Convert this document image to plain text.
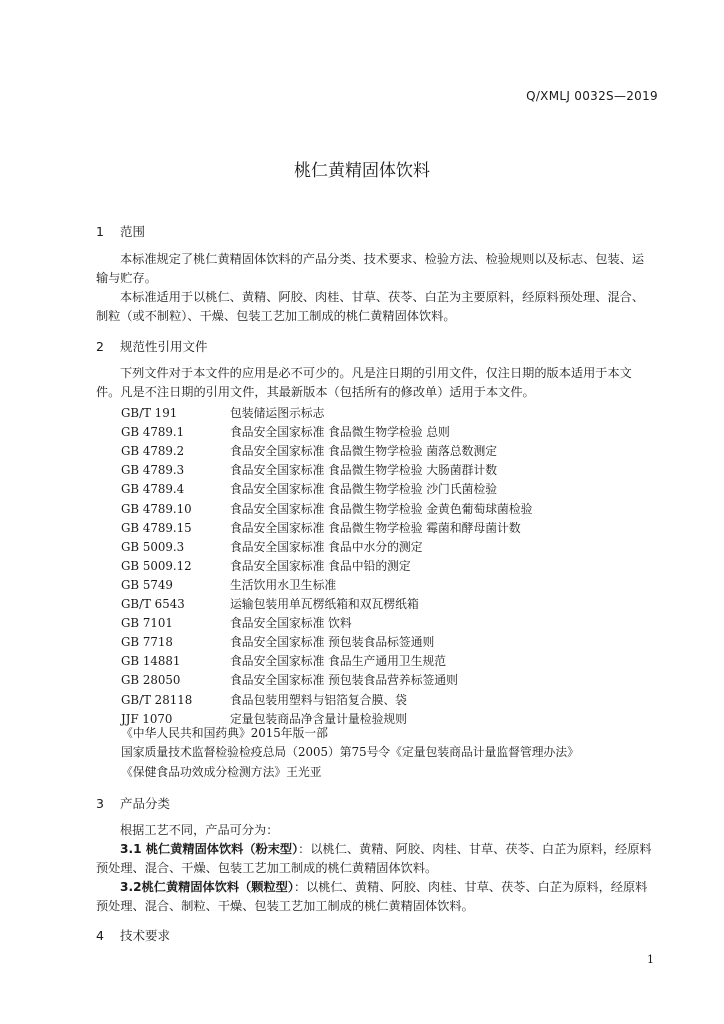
Q/XMLJ 0032S—2019
桃仁黄精固体饮料
1 范围
本标准规定了桃仁黄精固体饮料的产品分类、技术要求、检验方法、检验规则以及标志、包装、运输与贮存。
本标准适用于以桃仁、黄精、阿胶、肉桂、甘草、茯苓、白芷为主要原料，经原料预处理、混合、制粒（或不制粒）、干燥、包装工艺加工制成的桃仁黄精固体饮料。
2 规范性引用文件
下列文件对于本文件的应用是必不可少的。凡是注日期的引用文件，仅注日期的版本适用于本文件。凡是不注日期的引用文件，其最新版本（包括所有的修改单）适用于本文件。
GB/T 191	包装储运图示标志
GB 4789.1	食品安全国家标准 食品微生物学检验 总则
GB 4789.2	食品安全国家标准 食品微生物学检验 菌落总数测定
GB 4789.3	食品安全国家标准 食品微生物学检验 大肠菌群计数
GB 4789.4	食品安全国家标准 食品微生物学检验 沙门氏菌检验
GB 4789.10	食品安全国家标准 食品微生物学检验 金黄色葡萄球菌检验
GB 4789.15	食品安全国家标准 食品微生物学检验 霉菌和酵母菌计数
GB 5009.3	食品安全国家标准 食品中水分的测定
GB 5009.12	食品安全国家标准 食品中铅的测定
GB 5749	生活饮用水卫生标准
GB/T 6543	运输包装用单瓦楞纸箱和双瓦楞纸箱
GB 7101	食品安全国家标准 饮料
GB 7718	食品安全国家标准 预包装食品标签通则
GB 14881	食品安全国家标准 食品生产通用卫生规范
GB 28050	食品安全国家标准 预包装食品营养标签通则
GB/T 28118	食品包装用塑料与铝箔复合膜、袋
JJF 1070	定量包装商品净含量计量检验规则
《中华人民共和国药典》2015年版一部
国家质量技术监督检验检疫总局（2005）第75号令《定量包装商品计量监督管理办法》
《保健食品功效成分检测方法》王光亚
3 产品分类
根据工艺不同，产品可分为：
3.1 桃仁黄精固体饮料（粉末型）：以桃仁、黄精、阿胶、肉桂、甘草、茯苓、白芷为原料，经原料预处理、混合、干燥、包装工艺加工制成的桃仁黄精固体饮料。
3.2桃仁黄精固体饮料（颗粒型）：以桃仁、黄精、阿胶、肉桂、甘草、茯苓、白芷为原料，经原料预处理、混合、制粒、干燥、包装工艺加工制成的桃仁黄精固体饮料。
4 技术要求
1
